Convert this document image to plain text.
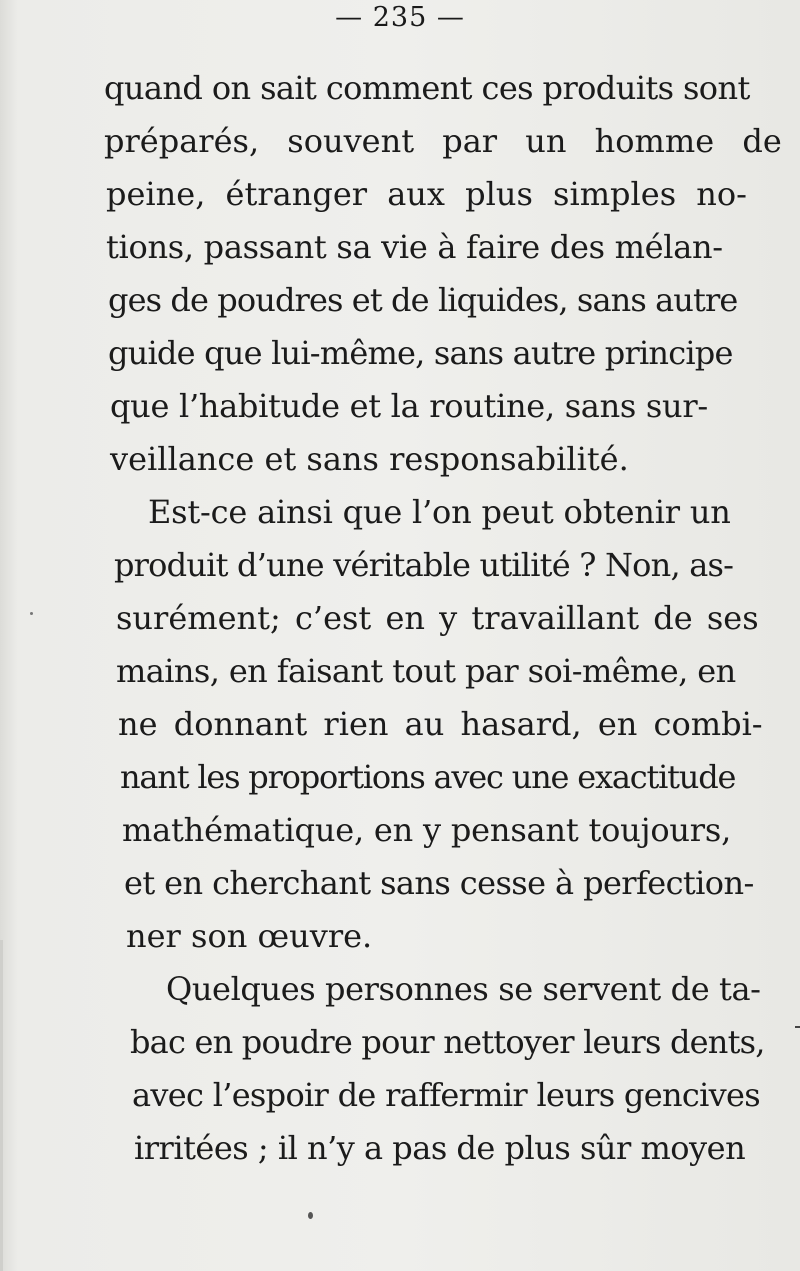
— 235 —
quand on sait comment ces produits sont
préparés, souvent par un homme de
peine, étranger aux plus simples no-
tions, passant sa vie à faire des mélan-
ges de poudres et de liquides, sans autre
guide que lui-même, sans autre principe
que l’habitude et la routine, sans sur-
veillance et sans responsabilité.
Est-ce ainsi que l’on peut obtenir un
produit d’une véritable utilité ? Non, as-
surément; c’est en y travaillant de ses
mains, en faisant tout par soi-même, en
ne donnant rien au hasard, en combi-
nant les proportions avec une exactitude
mathématique, en y pensant toujours,
et en cherchant sans cesse à perfection-
ner son œuvre.
Quelques personnes se servent de ta-
bac en poudre pour nettoyer leurs dents,
avec l’espoir de raffermir leurs gencives
irritées ; il n’y a pas de plus sûr moyen
